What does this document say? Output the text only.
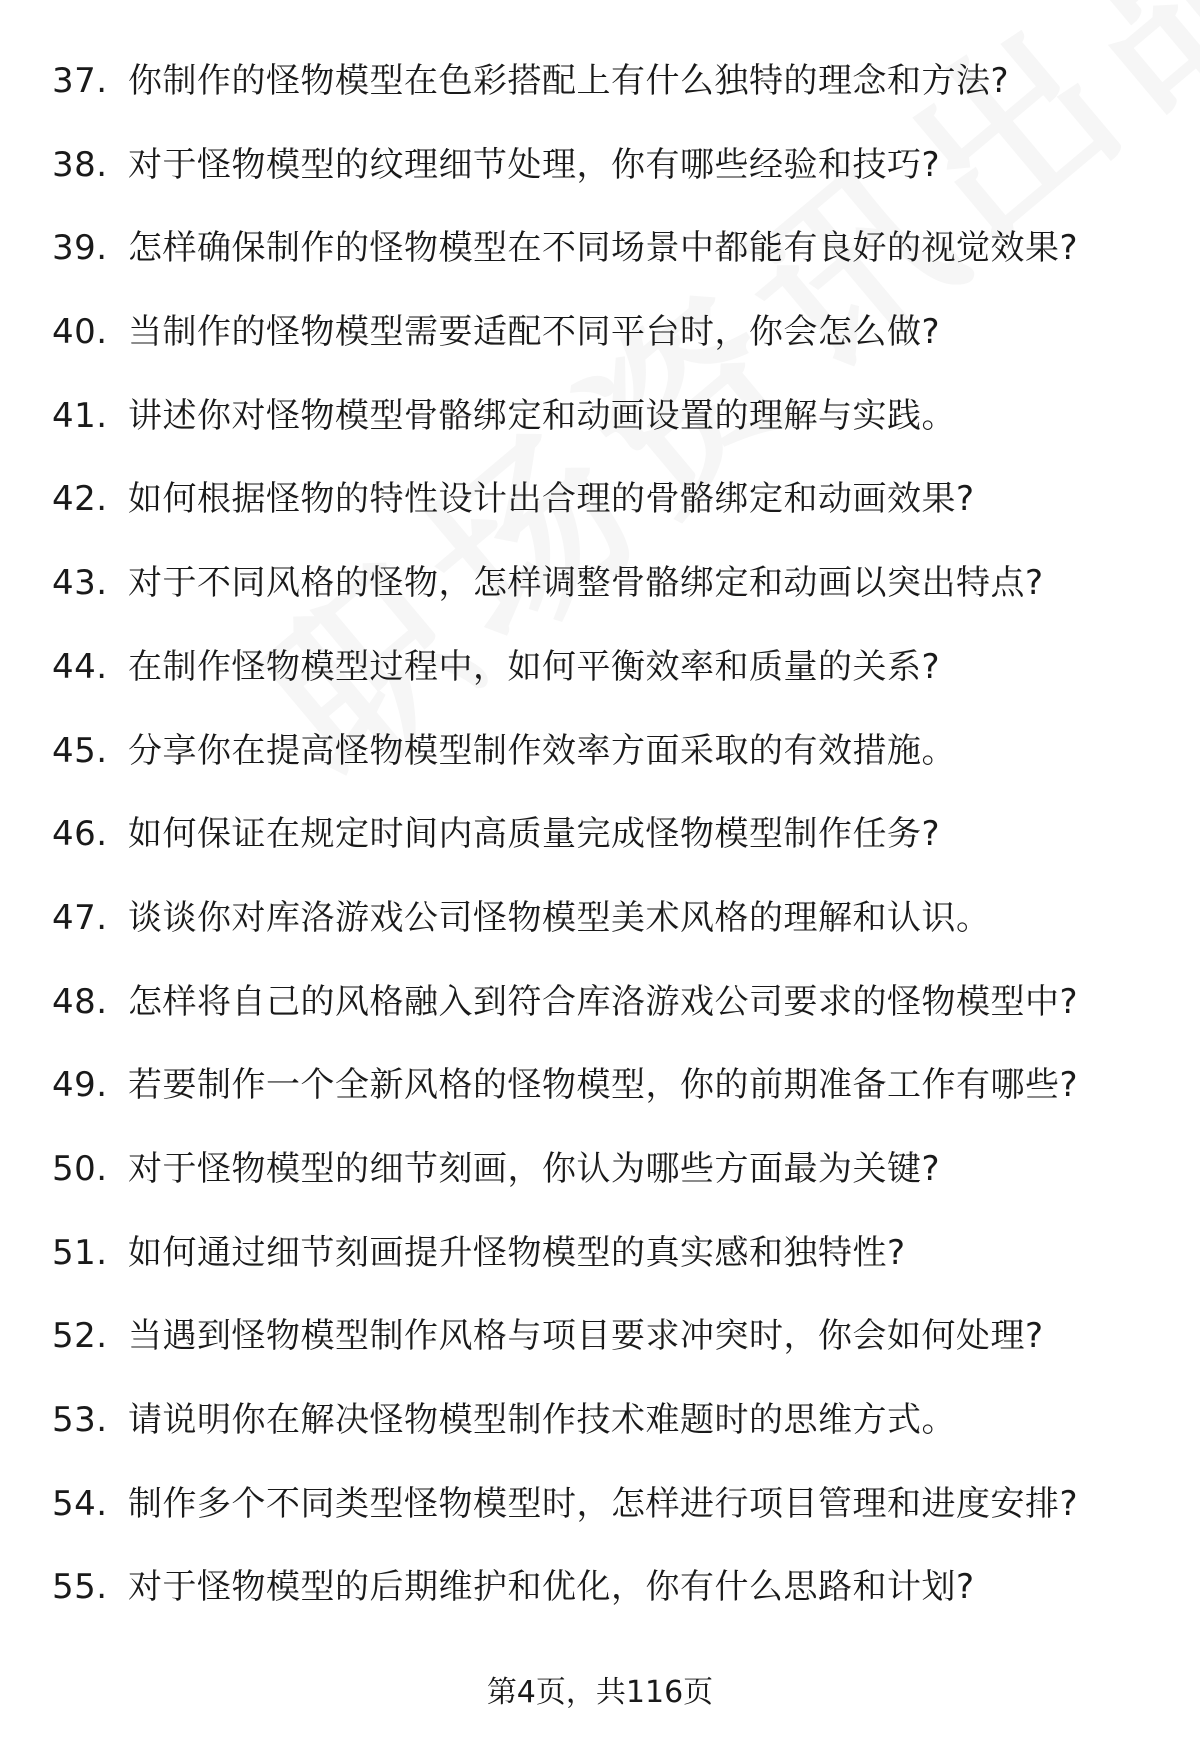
37. 你制作的怪物模型在色彩搭配上有什么独特的理念和方法?
38. 对于怪物模型的纹理细节处理，你有哪些经验和技巧?
39. 怎样确保制作的怪物模型在不同场景中都能有良好的视觉效果?
40. 当制作的怪物模型需要适配不同平台时，你会怎么做?
41. 讲述你对怪物模型骨骼绑定和动画设置的理解与实践。
42. 如何根据怪物的特性设计出合理的骨骼绑定和动画效果?
43. 对于不同风格的怪物，怎样调整骨骼绑定和动画以突出特点?
44. 在制作怪物模型过程中，如何平衡效率和质量的关系?
45. 分享你在提高怪物模型制作效率方面采取的有效措施。
46. 如何保证在规定时间内高质量完成怪物模型制作任务?
47. 谈谈你对库洛游戏公司怪物模型美术风格的理解和认识。
48. 怎样将自己的风格融入到符合库洛游戏公司要求的怪物模型中?
49. 若要制作一个全新风格的怪物模型，你的前期准备工作有哪些?
50. 对于怪物模型的细节刻画，你认为哪些方面最为关键?
51. 如何通过细节刻画提升怪物模型的真实感和独特性?
52. 当遇到怪物模型制作风格与项目要求冲突时，你会如何处理?
53. 请说明你在解决怪物模型制作技术难题时的思维方式。
54. 制作多个不同类型怪物模型时，怎样进行项目管理和进度安排?
55. 对于怪物模型的后期维护和优化，你有什么思路和计划?
第4页，共116页
